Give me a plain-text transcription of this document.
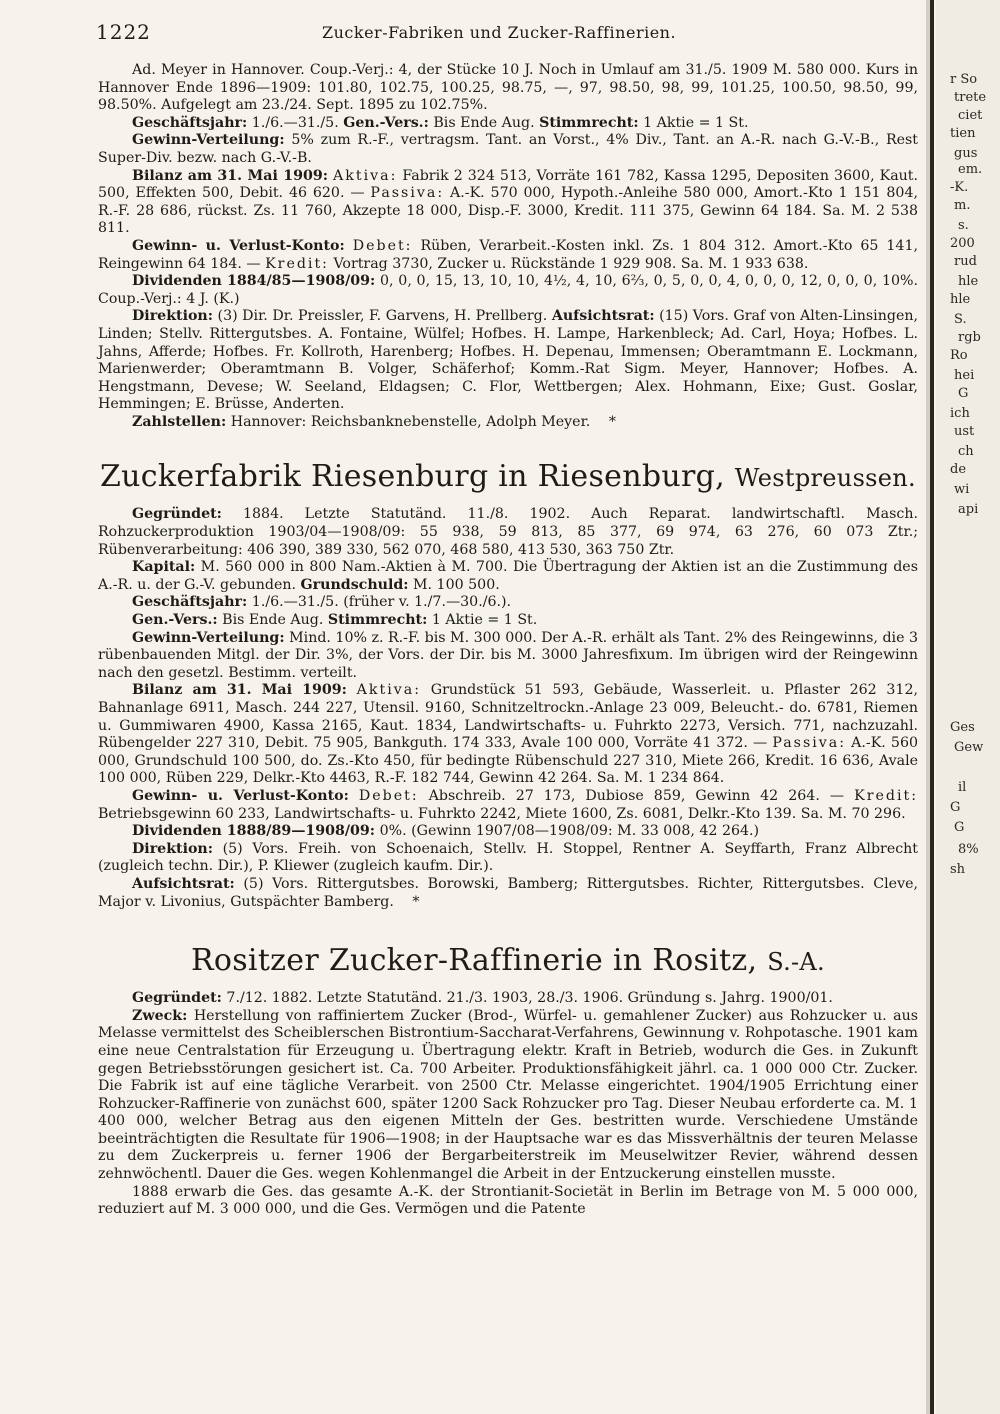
1222	Zucker-Fabriken und Zucker-Raffinerien.

Ad. Meyer in Hannover. Coup.-Verj.: 4, der Stücke 10 J. Noch in Umlauf am 31./5. 1909 M. 580 000. Kurs in Hannover Ende 1896—1909: 101.80, 102.75, 100.25, 98.75, —, 97, 98.50, 98, 99, 101.25, 100.50, 98.50, 99, 98.50%. Aufgelegt am 23./24. Sept. 1895 zu 102.75%.

Geschäftsjahr: 1./6.—31./5. Gen.-Vers.: Bis Ende Aug. Stimmrecht: 1 Aktie = 1 St.

Gewinn-Verteilung: 5% zum R.-F., vertragsm. Tant. an Vorst., 4% Div., Tant. an A.-R. nach G.-V.-B., Rest Super-Div. bezw. nach G.-V.-B.

Bilanz am 31. Mai 1909: Aktiva: Fabrik 2 324 513, Vorräte 161 782, Kassa 1295, Depositen 3600, Kaut. 500, Effekten 500, Debit. 46 620. — Passiva: A.-K. 570 000, Hypoth.-Anleihe 580 000, Amort.-Kto 1 151 804, R.-F. 28 686, rückst. Zs. 11 760, Akzepte 18 000, Disp.-F. 3000, Kredit. 111 375, Gewinn 64 184. Sa. M. 2 538 811.

Gewinn- u. Verlust-Konto: Debet: Rüben, Verarbeit.-Kosten inkl. Zs. 1 804 312. Amort.-Kto 65 141, Reingewinn 64 184. — Kredit: Vortrag 3730, Zucker u. Rückstände 1 929 908. Sa. M. 1 933 638.

Dividenden 1884/85—1908/09: 0, 0, 0, 15, 13, 10, 10, 4½, 4, 10, 6⅔, 0, 5, 0, 0, 4, 0, 0, 0, 12, 0, 0, 0, 10%. Coup.-Verj.: 4 J. (K.)

Direktion: (3) Dir. Dr. Preissler, F. Garvens, H. Prellberg. Aufsichtsrat: (15) Vors. Graf von Alten-Linsingen, Linden; Stellv. Rittergutsbes. A. Fontaine, Wülfel; Hofbes. H. Lampe, Harkenbleck; Ad. Carl, Hoya; Hofbes. L. Jahns, Afferde; Hofbes. Fr. Kollroth, Harenberg; Hofbes. H. Depenau, Immensen; Oberamtmann E. Lockmann, Marienwerder; Oberamtmann B. Volger, Schäferhof; Komm.-Rat Sigm. Meyer, Hannover; Hofbes. A. Hengstmann, Devese; W. Seeland, Eldagsen; C. Flor, Wettbergen; Alex. Hohmann, Eixe; Gust. Goslar, Hemmingen; E. Brüsse, Anderten.

Zahlstellen: Hannover: Reichsbanknebenstelle, Adolph Meyer. *

Zuckerfabrik Riesenburg in Riesenburg, Westpreussen.

Gegründet: 1884. Letzte Statutänd. 11./8. 1902. Auch Reparat. landwirtschaftl. Masch. Rohzuckerproduktion 1903/04—1908/09: 55 938, 59 813, 85 377, 69 974, 63 276, 60 073 Ztr.; Rübenverarbeitung: 406 390, 389 330, 562 070, 468 580, 413 530, 363 750 Ztr.

Kapital: M. 560 000 in 800 Nam.-Aktien à M. 700. Die Übertragung der Aktien ist an die Zustimmung des A.-R. u. der G.-V. gebunden. Grundschuld: M. 100 500.

Geschäftsjahr: 1./6.—31./5. (früher v. 1./7.—30./6.).

Gen.-Vers.: Bis Ende Aug. Stimmrecht: 1 Aktie = 1 St.

Gewinn-Verteilung: Mind. 10% z. R.-F. bis M. 300 000. Der A.-R. erhält als Tant. 2% des Reingewinns, die 3 rübenbauenden Mitgl. der Dir. 3%, der Vors. der Dir. bis M. 3000 Jahresfixum. Im übrigen wird der Reingewinn nach den gesetzl. Bestimm. verteilt.

Bilanz am 31. Mai 1909: Aktiva: Grundstück 51 593, Gebäude, Wasserleit. u. Pflaster 262 312, Bahnanlage 6911, Masch. 244 227, Utensil. 9160, Schnitzeltrockn.-Anlage 23 009, Beleucht.- do. 6781, Riemen u. Gummiwaren 4900, Kassa 2165, Kaut. 1834, Landwirtschafts- u. Fuhrkto 2273, Versich. 771, nachzuzahl. Rübengelder 227 310, Debit. 75 905, Bankguth. 174 333, Avale 100 000, Vorräte 41 372. — Passiva: A.-K. 560 000, Grundschuld 100 500, do. Zs.-Kto 450, für bedingte Rübenschuld 227 310, Miete 266, Kredit. 16 636, Avale 100 000, Rüben 229, Delkr.-Kto 4463, R.-F. 182 744, Gewinn 42 264. Sa. M. 1 234 864.

Gewinn- u. Verlust-Konto: Debet: Abschreib. 27 173, Dubiose 859, Gewinn 42 264. — Kredit: Betriebsgewinn 60 233, Landwirtschafts- u. Fuhrkto 2242, Miete 1600, Zs. 6081, Delkr.-Kto 139. Sa. M. 70 296.

Dividenden 1888/89—1908/09: 0%. (Gewinn 1907/08—1908/09: M. 33 008, 42 264.)

Direktion: (5) Vors. Freih. von Schoenaich, Stellv. H. Stoppel, Rentner A. Seyffarth, Franz Albrecht (zugleich techn. Dir.), P. Kliewer (zugleich kaufm. Dir.).

Aufsichtsrat: (5) Vors. Rittergutsbes. Borowski, Bamberg; Rittergutsbes. Richter, Rittergutsbes. Cleve, Major v. Livonius, Gutspächter Bamberg. *

Rositzer Zucker-Raffinerie in Rositz, S.-A.

Gegründet: 7./12. 1882. Letzte Statutänd. 21./3. 1903, 28./3. 1906. Gründung s. Jahrg. 1900/01.

Zweck: Herstellung von raffiniertem Zucker (Brod-, Würfel- u. gemahlener Zucker) aus Rohzucker u. aus Melasse vermittelst des Scheiblerschen Bistrontium-Saccharat-Verfahrens, Gewinnung v. Rohpotasche. 1901 kam eine neue Centralstation für Erzeugung u. Übertragung elektr. Kraft in Betrieb, wodurch die Ges. in Zukunft gegen Betriebsstörungen gesichert ist. Ca. 700 Arbeiter. Produktionsfähigkeit jährl. ca. 1 000 000 Ctr. Zucker. Die Fabrik ist auf eine tägliche Verarbeit. von 2500 Ctr. Melasse eingerichtet. 1904/1905 Errichtung einer Rohzucker-Raffinerie von zunächst 600, später 1200 Sack Rohzucker pro Tag. Dieser Neubau erforderte ca. M. 1 400 000, welcher Betrag aus den eigenen Mitteln der Ges. bestritten wurde. Verschiedene Umstände beeinträchtigten die Resultate für 1906—1908; in der Hauptsache war es das Missverhältnis der teuren Melasse zu dem Zuckerpreis u. ferner 1906 der Bergarbeiterstreik im Meuselwitzer Revier, während dessen zehnwöchentl. Dauer die Ges. wegen Kohlenmangel die Arbeit in der Entzuckerung einstellen musste.

1888 erwarb die Ges. das gesamte A.-K. der Strontianit-Societät in Berlin im Betrage von M. 5 000 000, reduziert auf M. 3 000 000, und die Ges. Vermögen und die Patente

r So
trete
ciet
tien
gus
em.
-K.
m.
s.
200
rud
hle
hle
S.
rgb
Ro
hei
G
ich
ust
ch
de
wi
api
Ges
Gew
il
G
G
8%
sh
